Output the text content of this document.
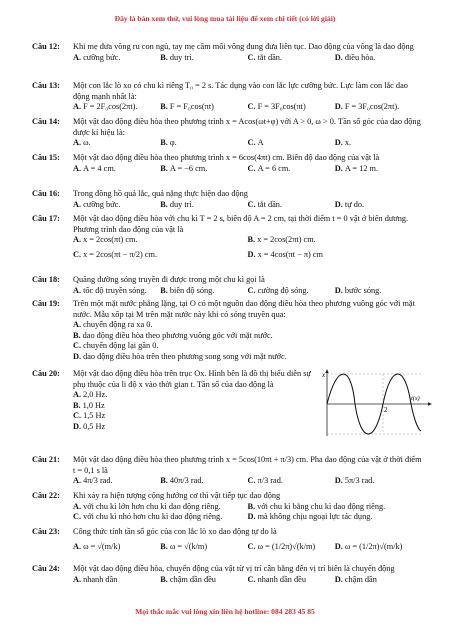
Đây là bản xem thử, vui lòng mua tài liệu để xem chi tiết (có lời giải)
Câu 12:	Khi mẹ đưa võng ru con ngủ, tay mẹ cầm mối võng đung đưa liên tục. Dao động của võng là dao động
A. cưỡng bức.	B. duy trì.	C. tắt dần.	D. điều hòa.
Câu 13:	Một con lắc lò xo có chu kì riêng T₀ = 2 s. Tác dụng vào con lắc lực cưỡng bức. Lực làm con lắc dao động mạnh nhất là:
A. F = 2F₀cos(2πt).	B. F = F₀cos(πt)	C. F = 3F₀cos(πt)	D. F = 3F₀cos(2πt).
Câu 14:	Một vật dao động điều hòa theo phương trình x = Acos(ωt+φ) với A > 0, ω > 0. Tần số góc của dao động được kí hiệu là:
A. ω.	B. φ.	C. A	D. x.
Câu 15:	Một vật dao động điều hòa theo phương trình x = 6cos(4πt) cm. Biên độ dao động của vật là
A. A = 4 cm.	B. A = −6 cm.	C. A = 6 cm.	D. A = 12 m.
Câu 16:	Trong đồng hồ quả lắc, quả nặng thực hiện dao động
A. cưỡng bức.	B. duy trì.	C. tắt dần.	D. tự do.
Câu 17:	Một vật dao động điều hòa với chu kì T = 2 s, biên độ A = 2 cm, tại thời điểm t = 0 vật ở biên dương. Phương trình dao động của vật là
A. x = 2cos(πt) cm.	B. x = 2cos(2πt) cm.
C. x = 2cos(πt − π/2) cm.	D. x = 4cos(πt − π) cm
Câu 18:	Quãng đường sóng truyền đi được trong một chu kì gọi là
A. tốc độ truyền sóng.	B. biên độ sóng.	C. cường độ sóng.	D. bước sóng.
Câu 19:	Trên một mặt nước phẳng lặng, tại O có một nguồn dao động điều hòa theo phương vuông góc với mặt nước. Mẫu xốp tại M trên mặt nước này khi có sóng truyền qua:
A. chuyển động ra xa 0.
B. dao động điều hòa theo phương vuông góc với mặt nước.
C. chuyển động lại gần 0.
D. dao động điều hòa trên theo phương song song với mặt nước.
Câu 20:	Một vật dao động điều hòa trên trục Ox. Hình bên là đồ thị biểu diễn sự phụ thuộc của li độ x vào thời gian t. Tần số của dao động là
A. 2,0 Hz.
B. 1,0 Hz
C. 1,5 Hz
D. 0,5 Hz
x
t(s)
2
Câu 21:	Một vật dao động điều hòa theo phương trình x = 5cos(10πt + π/3) cm. Pha dao động của vật ở thời điểm t = 0,1 s là
A. 4π/3 rad.	B. 40π/3 rad.	C. π/3 rad.	D. 5π/3 rad.
Câu 22:	Khi xảy ra hiện tượng cộng hưởng cơ thì vật tiếp tục dao động
A. với chu kì lớn hơn chu kì dao động riêng.	B. với chu kì bằng chu kì dao động riêng.
C. với chu kì nhỏ hơn chu kì dao động riêng.	D. mà không chịu ngoại lực tác dụng.
Câu 23:	Công thức tính tần số góc của con lắc lò xo dao động tự do là
A. ω = √(m/k)	B. ω = √(k/m)	C. ω = (1/2π)√(k/m)	D. ω = (1/2π)√(m/k)
Câu 24:	Một vật dao động điều hòa, chuyển động của vật từ vị trí cân bằng đến vị trí biên là chuyển động
A. nhanh dần	B. chậm dần đều	C. nhanh dần đều	D. chậm dần
Mọi thắc mắc vui lòng xin liên hệ hotline: 084 283 45 85
